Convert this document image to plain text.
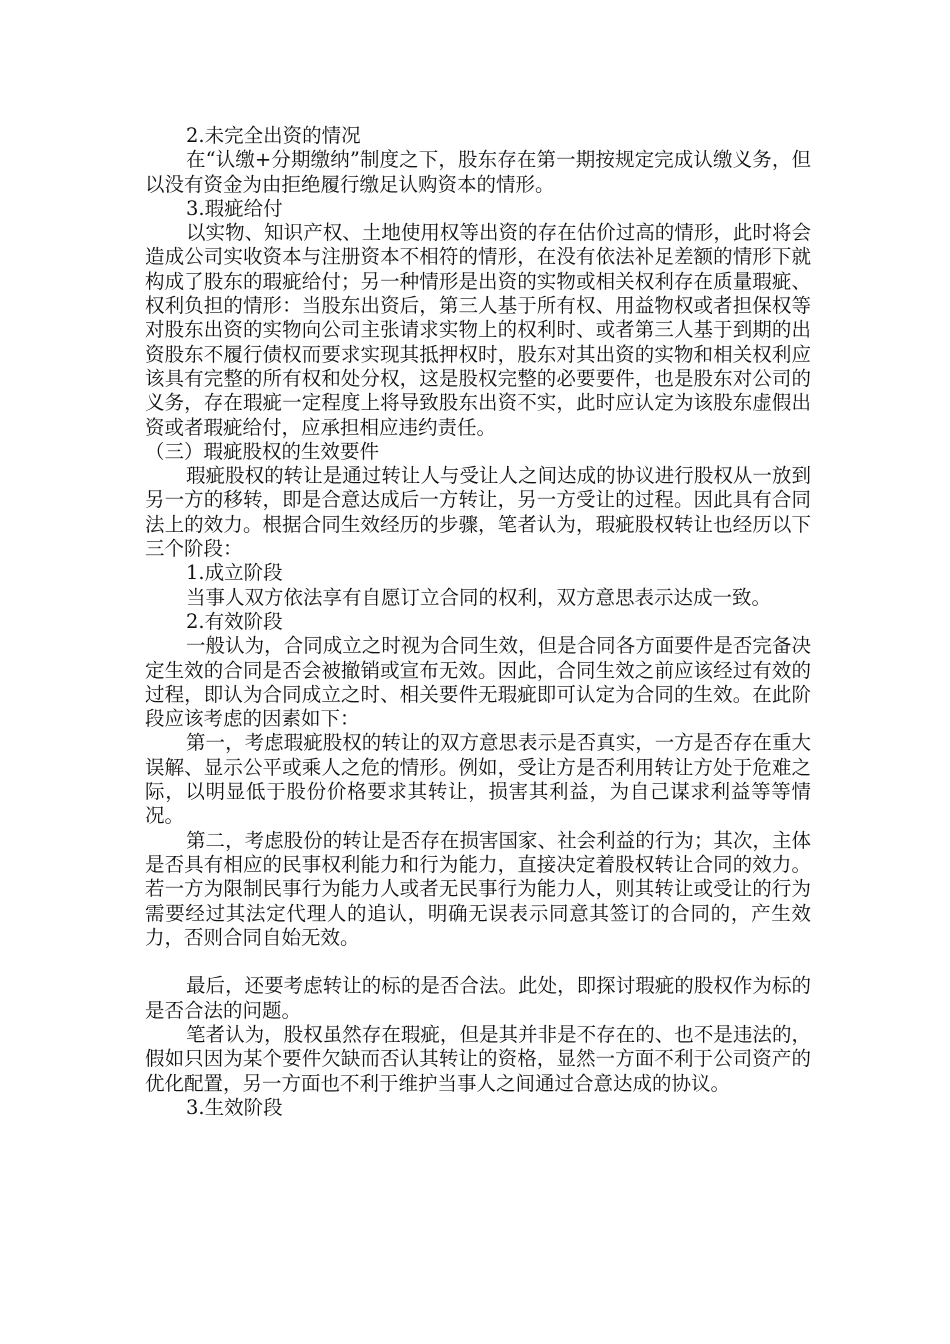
2.未完全出资的情况

在“认缴+分期缴纳”制度之下，股东存在第一期按规定完成认缴义务，但以没有资金为由拒绝履行缴足认购资本的情形。

3.瑕疵给付

以实物、知识产权、土地使用权等出资的存在估价过高的情形，此时将会造成公司实收资本与注册资本不相符的情形，在没有依法补足差额的情形下就构成了股东的瑕疵给付；另一种情形是出资的实物或相关权利存在质量瑕疵、权利负担的情形：当股东出资后，第三人基于所有权、用益物权或者担保权等对股东出资的实物向公司主张请求实物上的权利时、或者第三人基于到期的出资股东不履行债权而要求实现其抵押权时，股东对其出资的实物和相关权利应该具有完整的所有权和处分权，这是股权完整的必要要件，也是股东对公司的义务，存在瑕疵一定程度上将导致股东出资不实，此时应认定为该股东虚假出资或者瑕疵给付，应承担相应违约责任。

（三）瑕疵股权的生效要件

瑕疵股权的转让是通过转让人与受让人之间达成的协议进行股权从一放到另一方的移转，即是合意达成后一方转让，另一方受让的过程。因此具有合同法上的效力。根据合同生效经历的步骤，笔者认为，瑕疵股权转让也经历以下三个阶段：

1.成立阶段

当事人双方依法享有自愿订立合同的权利，双方意思表示达成一致。

2.有效阶段

一般认为，合同成立之时视为合同生效，但是合同各方面要件是否完备决定生效的合同是否会被撤销或宣布无效。因此，合同生效之前应该经过有效的过程，即认为合同成立之时、相关要件无瑕疵即可认定为合同的生效。在此阶段应该考虑的因素如下：

第一，考虑瑕疵股权的转让的双方意思表示是否真实，一方是否存在重大误解、显示公平或乘人之危的情形。例如，受让方是否利用转让方处于危难之际，以明显低于股份价格要求其转让，损害其利益，为自己谋求利益等等情况。

第二，考虑股份的转让是否存在损害国家、社会利益的行为；其次，主体是否具有相应的民事权利能力和行为能力，直接决定着股权转让合同的效力。若一方为限制民事行为能力人或者无民事行为能力人，则其转让或受让的行为需要经过其法定代理人的追认，明确无误表示同意其签订的合同的，产生效力，否则合同自始无效。

最后，还要考虑转让的标的是否合法。此处，即探讨瑕疵的股权作为标的是否合法的问题。

笔者认为，股权虽然存在瑕疵，但是其并非是不存在的、也不是违法的，假如只因为某个要件欠缺而否认其转让的资格，显然一方面不利于公司资产的优化配置，另一方面也不利于维护当事人之间通过合意达成的协议。

3.生效阶段
